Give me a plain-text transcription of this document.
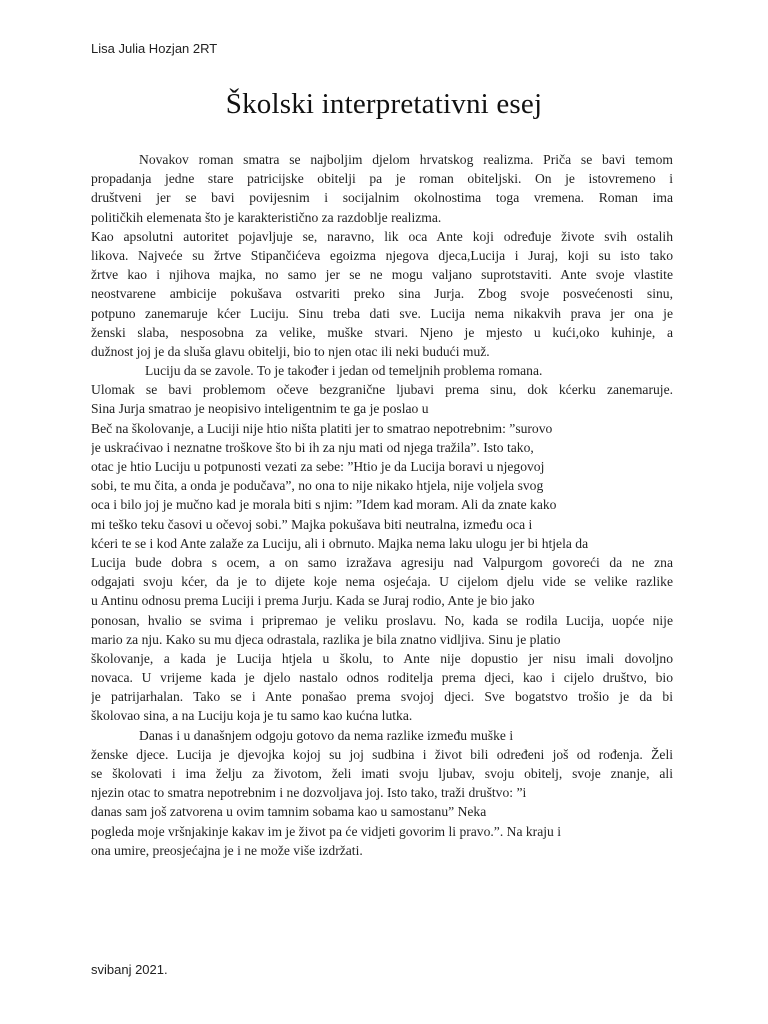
Lisa Julia Hozjan 2RT
Školski interpretativni esej
Novakov roman smatra se najboljim djelom hrvatskog realizma. Priča se bavi temom
propadanja jedne stare patricijske obitelji pa je roman obiteljski. On je istovremeno i
društveni jer se bavi povijesnim i socijalnim okolnostima toga vremena. Roman ima
političkih elemenata što je karakteristično za razdoblje realizma.
Kao apsolutni autoritet pojavljuje se, naravno, lik oca Ante koji određuje živote svih ostalih
likova. Najveće su žrtve Stipančićeva egoizma njegova djeca,Lucija i Juraj, koji su isto tako
žrtve kao i njihova majka, no samo jer se ne mogu valjano suprotstaviti. Ante svoje vlastite
neostvarene ambicije pokušava ostvariti preko sina Jurja. Zbog svoje posvećenosti sinu,
potpuno zanemaruje kćer Luciju. Sinu treba dati sve. Lucija nema nikakvih prava jer ona je
ženski slaba, nesposobna za velike, muške stvari. Njeno je mjesto u kući,oko kuhinje, a
dužnost joj je da sluša glavu obitelji, bio to njen otac ili neki budući muž.
Luciju da se zavole. To je također i jedan od temeljnih problema romana.
Ulomak se bavi problemom očeve bezgranične ljubavi prema sinu, dok kćerku zanemaruje.
Sina Jurja smatrao je neopisivo inteligentnim te ga je poslao u
Beč na školovanje, a Luciji nije htio ništa platiti jer to smatrao nepotrebnim: ”surovo
je uskraćivao i neznatne troškove što bi ih za nju mati od njega tražila”. Isto tako,
otac je htio Luciju u potpunosti vezati za sebe: ”Htio je da Lucija boravi u njegovoj
sobi, te mu čita, a onda je podučava”, no ona to nije nikako htjela, nije voljela svog
oca i bilo joj je mučno kad je morala biti s njim: ”Idem kad moram. Ali da znate kako
mi teško teku časovi u očevoj sobi.” Majka pokušava biti neutralna, između oca i
kćeri te se i kod Ante zalaže za Luciju, ali i obrnuto. Majka nema laku ulogu jer bi htjela da
Lucija bude dobra s ocem, a on samo izražava agresiju nad Valpurgom govoreći da ne zna
odgajati svoju kćer, da je to dijete koje nema osjećaja. U cijelom djelu vide se velike razlike
u Antinu odnosu prema Luciji i prema Jurju. Kada se Juraj rodio, Ante je bio jako
ponosan, hvalio se svima i pripremao je veliku proslavu. No, kada se rodila Lucija, uopće nije
mario za nju. Kako su mu djeca odrastala, razlika je bila znatno vidljiva. Sinu je platio
školovanje, a kada je Lucija htjela u školu, to Ante nije dopustio jer nisu imali dovoljno
novaca. U vrijeme kada je djelo nastalo odnos roditelja prema djeci, kao i cijelo društvo, bio
je patrijarhalan. Tako se i Ante ponašao prema svojoj djeci. Sve bogatstvo trošio je da bi
školovao sina, a na Luciju koja je tu samo kao kućna lutka.
Danas i u današnjem odgoju gotovo da nema razlike između muške i
ženske djece. Lucija je djevojka kojoj su joj sudbina i život bili određeni još od rođenja. Želi
se školovati i ima želju za životom, želi imati svoju ljubav, svoju obitelj, svoje znanje, ali
njezin otac to smatra nepotrebnim i ne dozvoljava joj. Isto tako, traži društvo: ”i
danas sam još zatvorena u ovim tamnim sobama kao u samostanu” Neka
pogleda moje vršnjakinje kakav im je život pa će vidjeti govorim li pravo.”. Na kraju i
ona umire, preosjećajna je i ne može više izdržati.
svibanj 2021.
